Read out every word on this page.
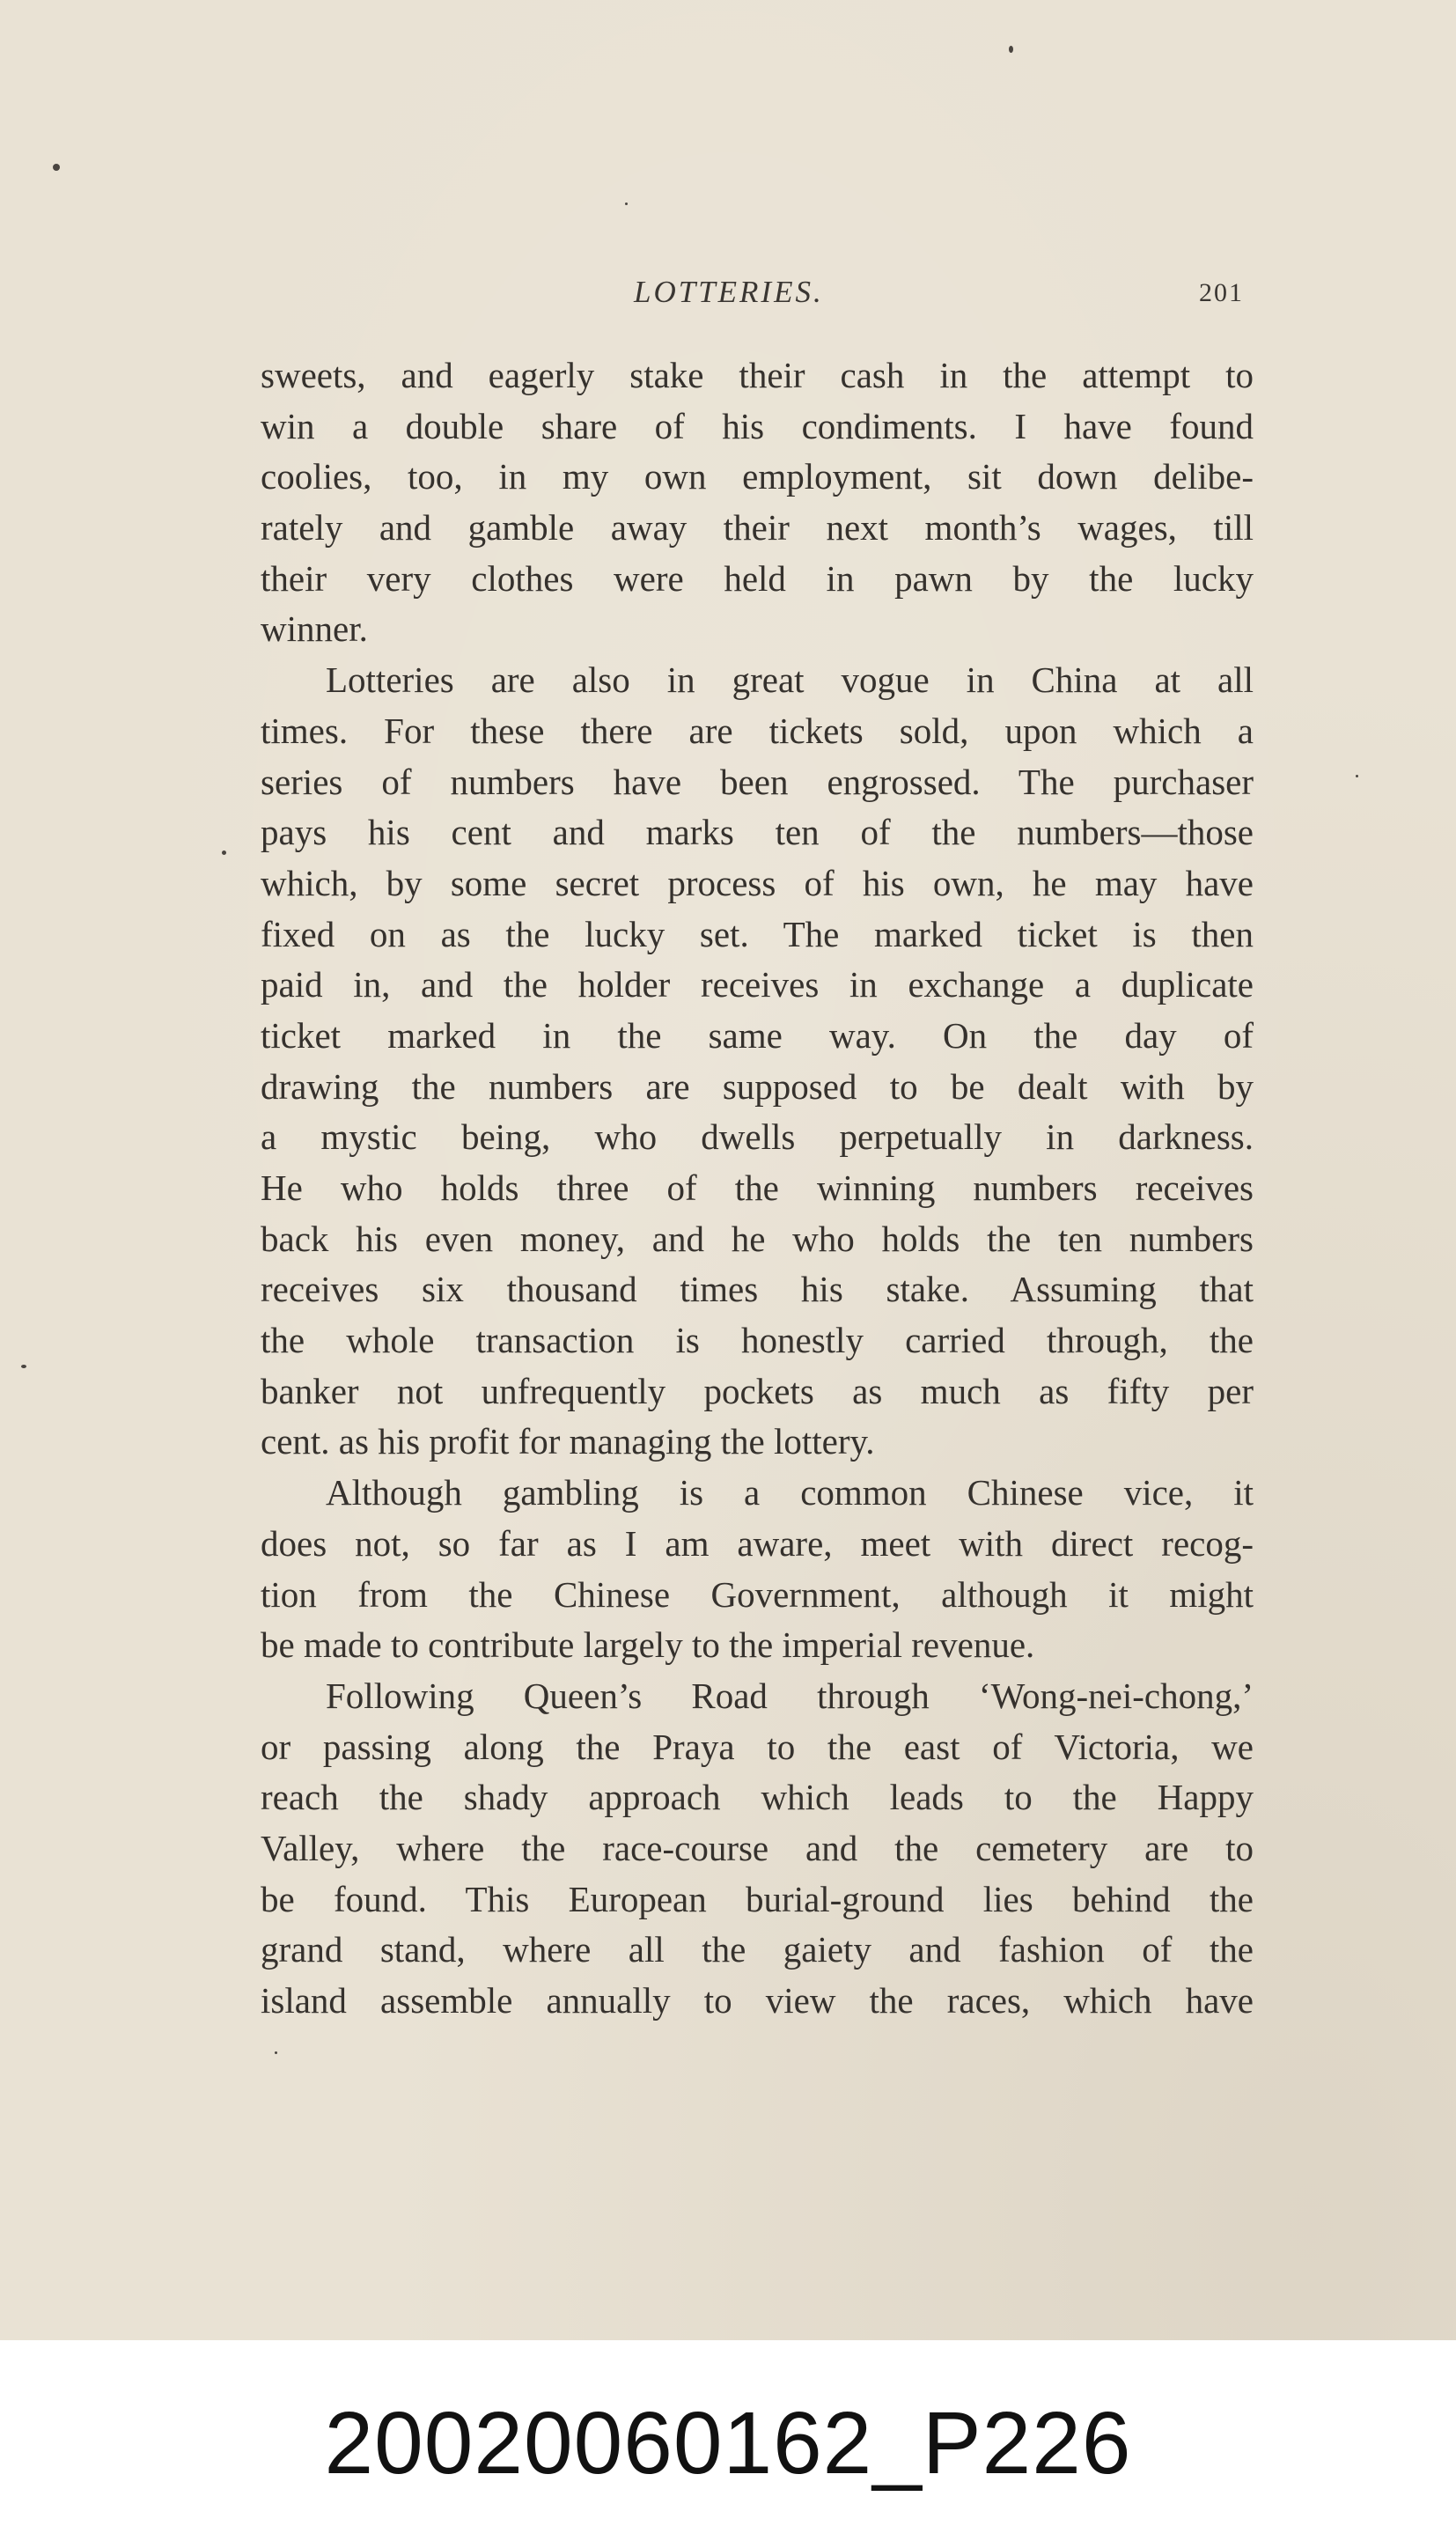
LOTTERIES.	201
sweets, and eagerly stake their cash in the attempt to
win a double share of his condiments. I have found
coolies, too, in my own employment, sit down delibe-
rately and gamble away their next month’s wages, till
their very clothes were held in pawn by the lucky
winner.
Lotteries are also in great vogue in China at all
times. For these there are tickets sold, upon which a
series of numbers have been engrossed. The purchaser
pays his cent and marks ten of the numbers—those
which, by some secret process of his own, he may have
fixed on as the lucky set. The marked ticket is then
paid in, and the holder receives in exchange a duplicate
ticket marked in the same way. On the day of
drawing the numbers are supposed to be dealt with by
a mystic being, who dwells perpetually in darkness.
He who holds three of the winning numbers receives
back his even money, and he who holds the ten numbers
receives six thousand times his stake. Assuming that
the whole transaction is honestly carried through, the
banker not unfrequently pockets as much as fifty per
cent. as his profit for managing the lottery.
Although gambling is a common Chinese vice, it
does not, so far as I am aware, meet with direct recog-
tion from the Chinese Government, although it might
be made to contribute largely to the imperial revenue.
Following Queen’s Road through ‘Wong-nei-chong,’
or passing along the Praya to the east of Victoria, we
reach the shady approach which leads to the Happy
Valley, where the race-course and the cemetery are to
be found. This European burial-ground lies behind the
grand stand, where all the gaiety and fashion of the
island assemble annually to view the races, which have
20020060162_P226
